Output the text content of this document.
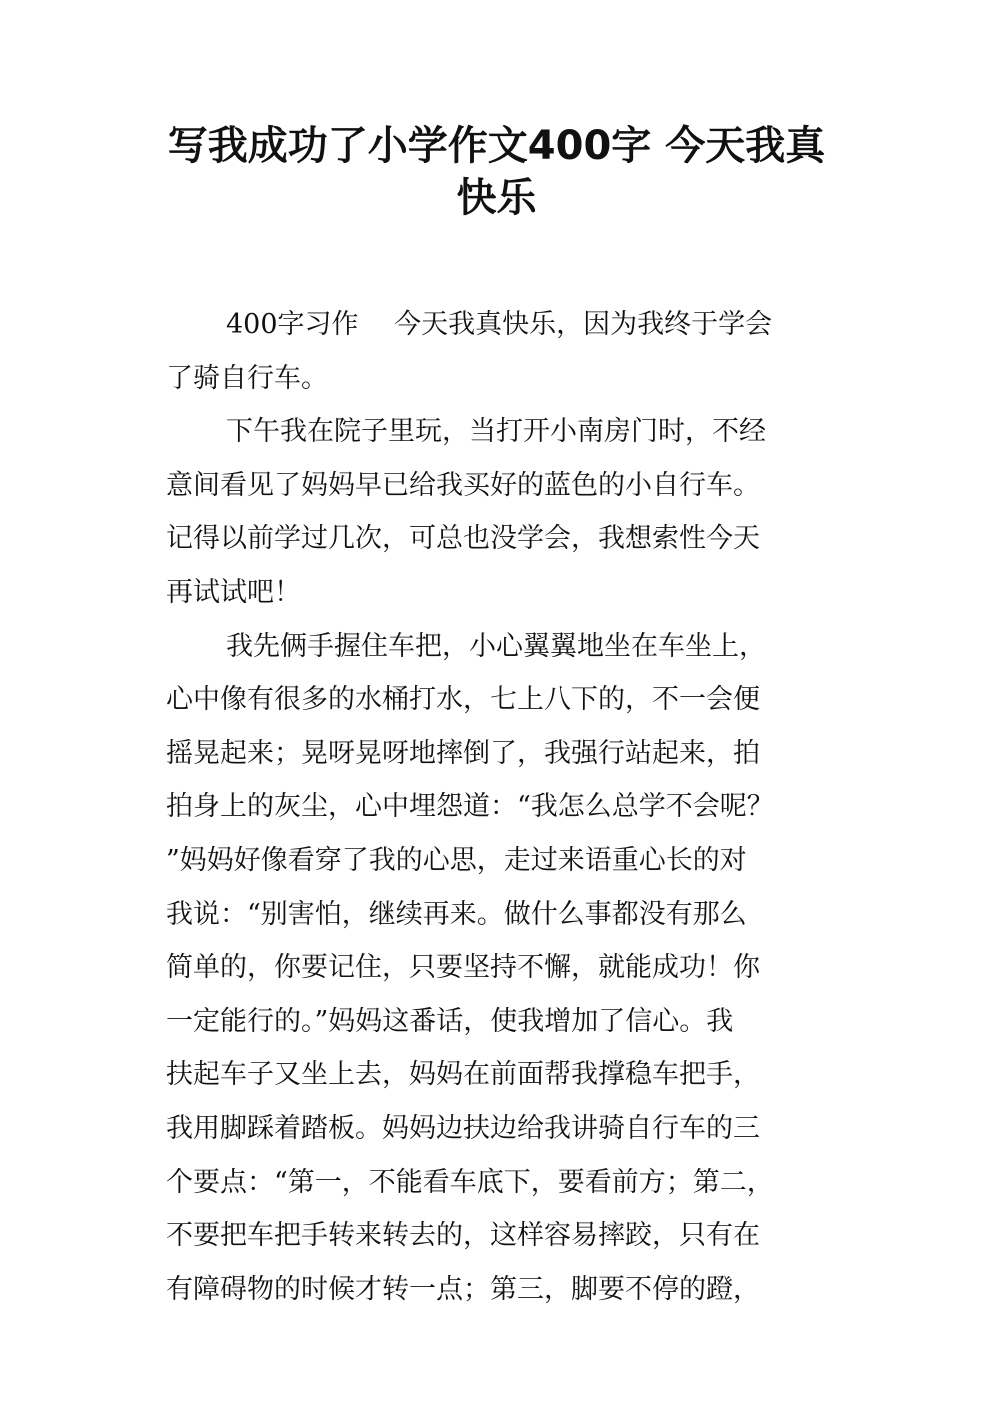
写我成功了小学作文400字 今天我真
快乐
400字习作　 今天我真快乐，因为我终于学会
了骑自行车。
下午我在院子里玩，当打开小南房门时，不经
意间看见了妈妈早已给我买好的蓝色的小自行车。
记得以前学过几次，可总也没学会，我想索性今天
再试试吧！
我先俩手握住车把，小心翼翼地坐在车坐上，
心中像有很多的水桶打水，七上八下的，不一会便
摇晃起来；晃呀晃呀地摔倒了，我强行站起来，拍
拍身上的灰尘，心中埋怨道：“我怎么总学不会呢？
”妈妈好像看穿了我的心思，走过来语重心长的对
我说：“别害怕，继续再来。做什么事都没有那么
简单的，你要记住，只要坚持不懈，就能成功！你
一定能行的。”妈妈这番话，使我增加了信心。我
扶起车子又坐上去，妈妈在前面帮我撑稳车把手，
我用脚踩着踏板。妈妈边扶边给我讲骑自行车的三
个要点：“第一，不能看车底下，要看前方；第二，
不要把车把手转来转去的，这样容易摔跤，只有在
有障碍物的时候才转一点；第三，脚要不停的蹬，
